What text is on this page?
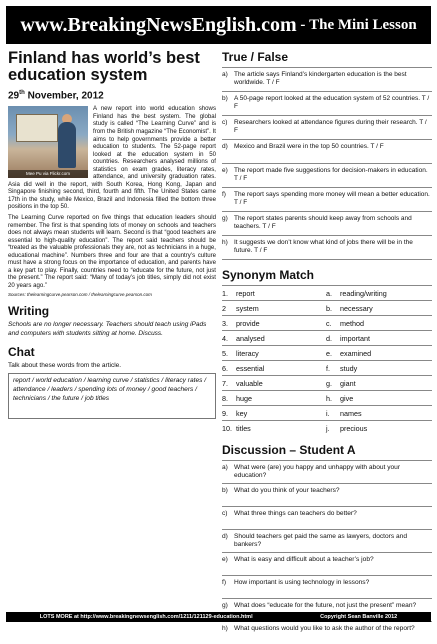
www.BreakingNewsEnglish.com - The Mini Lesson
Finland has world’s best education system
29th November, 2012
Mee Pu via Flickr.com

A new report into world education shows Finland has the best system. The global study is called “The Learning Curve” and is from the British magazine “The Economist”. It aims to help governments provide a better education to students. The 52-page report looked at the education system in 50 countries. Researchers analysed millions of statistics on exam grades, literacy rates, attendance, and university graduation rates. Asia did well in the report, with South Korea, Hong Kong, Japan and Singapore finishing second, third, fourth and fifth. The United States came 17th in the study, while Mexico, Brazil and Indonesia filled the bottom three positions in the top 50.

The Learning Curve reported on five things that education leaders should remember. The first is that spending lots of money on schools and teachers does not always mean students will learn. Second is that “good teachers are essential to high-quality education”. The report said teachers should be “treated as the valuable professionals they are, not as technicians in a huge, educational machine”. Numbers three and four are that a country’s culture must have a strong focus on the importance of education, and parents have a key part to play. Finally, countries need to “educate for the future, not just the present.” The report said: “Many of today’s job titles, simply did not exist 20 years ago.”

Sources: thelearningcurve.pearson.com / thelearningcurve.pearson.com
Writing
Schools are no longer necessary. Teachers should teach using iPads and computers with students sitting at home. Discuss.
Chat
Talk about these words from the article.
report / world education / learning curve / statistics / literacy rates / attendance / leaders / spending lots of money / good teachers / technicians / the future / job titles
True / False
a) The article says Finland’s kindergarten education is the best worldwide. T / F
b) A 50-page report looked at the education system of 52 countries. T / F
c)	Researchers looked at attendance figures during their research. T / F
d) Mexico and Brazil were in the top 50 countries. T / F
e) The report made five suggestions for decision-makers in education. T / F
f)	The report says spending more money will mean a better education. T / F
g) The report states parents should keep away from schools and teachers. T / F
h) It suggests we don’t know what kind of jobs there will be in the future. T / F
Synonym Match
1.	report	a.	reading/writing
2	system	b.	necessary
3.	provide	c.	method
4.	analysed	d.	important
5.	literacy	e.	examined
6.	essential	f.	study
7.	valuable	g.	giant
8.	huge	h.	give
9.	key	i.	names
10. titles	j.	precious
Discussion – Student A
a) What were (are) you happy and unhappy with about your education?
b) What do you think of your teachers?
c) What three things can teachers do better?
d) Should teachers get paid the same as lawyers, doctors and bankers?
e) What is easy and difficult about a teacher’s job?
f)	How important is using technology in lessons?
g) What does “educate for the future, not just the present” mean?
h) What questions would you like to ask the author of the report?
LOTS MORE at http://www.breakingnewsenglish.com/1211/121129-education.html	Copyright Sean Banville 2012
